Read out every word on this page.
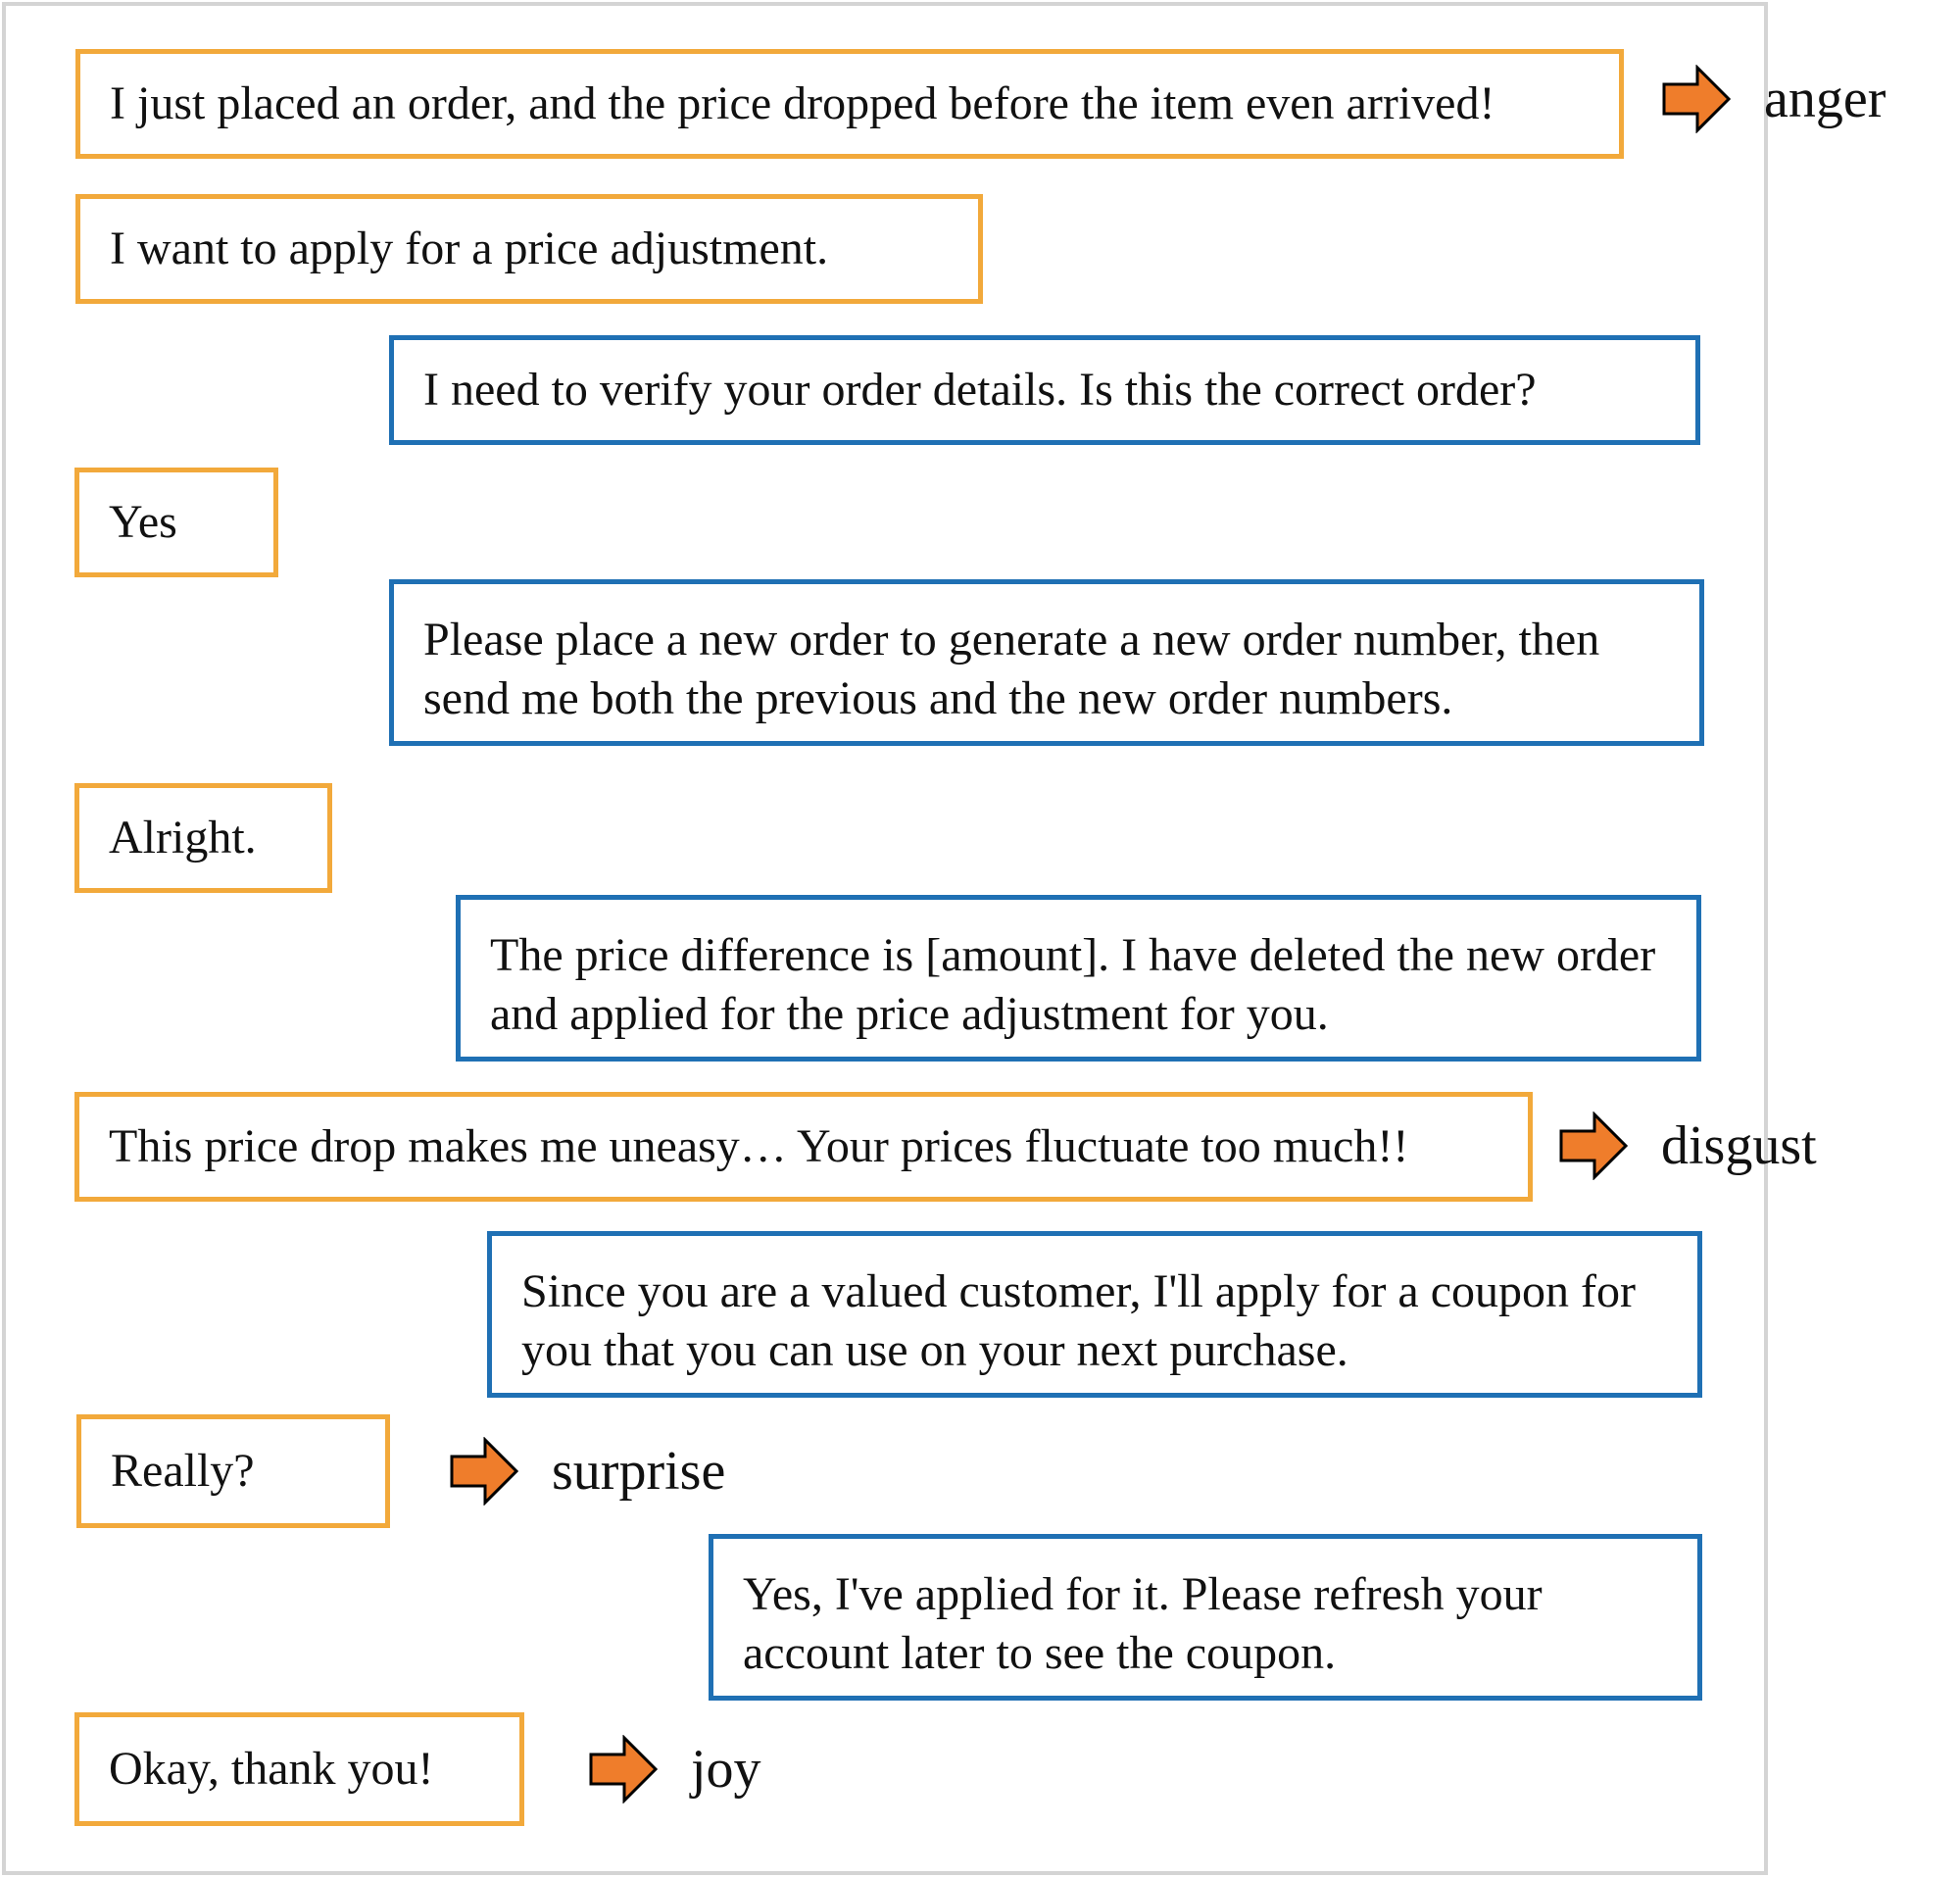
I just placed an order, and the price dropped before the item even arrived!	anger
I want to apply for a price adjustment.
I need to verify your order details. Is this the correct order?
Yes
Please place a new order to generate a new order number, then send me both the previous and the new order numbers.
Alright.
The price difference is [amount]. I have deleted the new order and applied for the price adjustment for you.
This price drop makes me uneasy… Your prices fluctuate too much!!	disgust
Since you are a valued customer, I'll apply for a coupon for you that you can use on your next purchase.
Really?	surprise
Yes, I've applied for it. Please refresh your account later to see the coupon.
Okay, thank you!	joy
